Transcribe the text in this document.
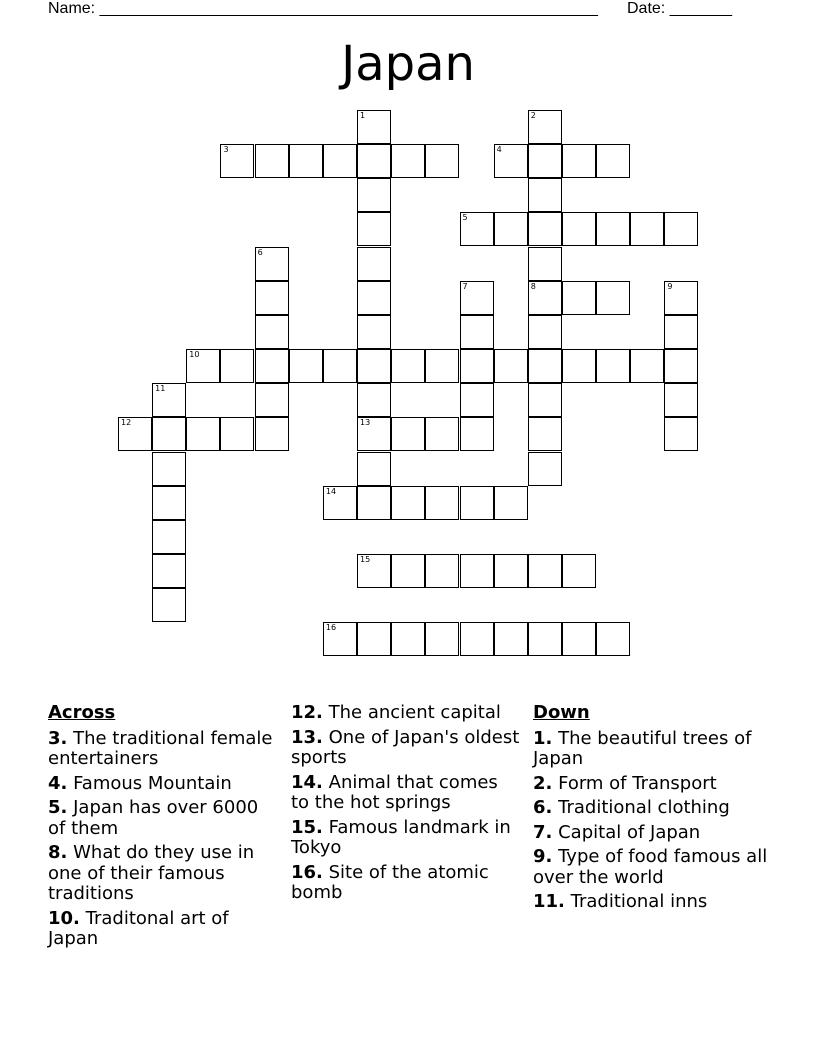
Name: ________________________________________________________ Date: _______
Japan
1
13
2
8
3	4
5
6
7	9
10
11
12
14
15
16
Across
3. The traditional female entertainers
4. Famous Mountain
5. Japan has over 6000 of them
8. What do they use in one of their famous traditions
10. Traditonal art of Japan
12. The ancient capital
13. One of Japan's oldest sports
14. Animal that comes to the hot springs
15. Famous landmark in Tokyo
16. Site of the atomic bomb
Down
1. The beautiful trees of Japan
2. Form of Transport
6. Traditional clothing
7. Capital of Japan
9. Type of food famous all over the world
11. Traditional inns
